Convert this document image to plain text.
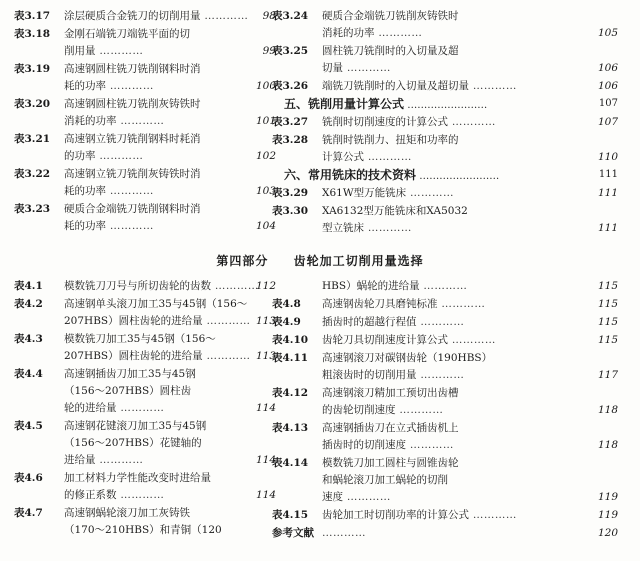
表3.17 涂层硬质合金铣刀的切削用量 ………… 98
表3.18 金刚石端铣刀端铣平面的切
削用量 …………	99
表3.19 高速钢圆柱铣刀铣削钢料时消
耗的功率 …………	100
表3.20 高速钢圆柱铣刀铣削灰铸铁时
消耗的功率 …………	101
表3.21 高速钢立铣刀铣削钢料时耗消
的功率 …………	102
表3.22 高速钢立铣刀铣削灰铸铁时消
耗的功率 …………	103
表3.23 硬质合金端铣刀铣削钢料时消
耗的功率 …………	104
表3.24 硬质合金端铣刀铣削灰铸铁时
消耗的功率 …………	105
表3.25 圆柱铣刀铣削时的入切量及超
切量 …………	106
表3.26 端铣刀铣削时的入切量及超切量 …………	106
五、铣削用量计算公式 ……………………	107
表3.27 铣削时切削速度的计算公式 …………	107
表3.28 铣削时铣削力、扭矩和功率的
计算公式 …………	110
六、常用铣床的技术资料 ……………………	111
表3.29 X61W型万能铣床 …………	111
表3.30 XA6132型万能铣床和XA5032
型立铣床 …………	111
第四部分 齿轮加工切削用量选择
表4.1 模数铣刀刀号与所切齿轮的齿数 …………
112
表4.2 高速钢单头滚刀加工35与45钢（156～
207HBS）圆柱齿轮的进给量 ………… 113
表4.3 模数铣刀加工35与45钢（156～
207HBS）圆柱齿轮的进给量 ………… 113
表4.4 高速钢插齿刀加工35与45钢
（156～207HBS）圆柱齿
轮的进给量 …………	114
表4.5 高速钢花键滚刀加工35与45钢
（156～207HBS）花键轴的
进给量 …………	114
表4.6 加工材料力学性能改变时进给量
的修正系数 …………	114
表4.7 高速钢蜗轮滚刀加工灰铸铁
（170～210HBS）和青铜（120
HBS）蜗轮的进给量 …………	115
表4.8 高速钢齿轮刀具磨钝标准 …………	115
表4.9 插齿时的超越行程值 …………	115
表4.10 齿轮刀具切削速度计算公式 …………	115
表4.11 高速钢滚刀对碳钢齿轮（190HBS）
粗滚齿时的切削用量 …………	117
表4.12 高速钢滚刀精加工预切出齿槽
的齿轮切削速度 …………	118
表4.13 高速钢插齿刀在立式插齿机上
插齿时的切削速度 …………	118
表4.14 模数铣刀加工圆柱与圆锥齿轮
和蜗轮滚刀加工蜗轮的切削
速度 …………	119
表4.15 齿轮加工时切削功率的计算公式 …………	119
参考文献 …………	120
